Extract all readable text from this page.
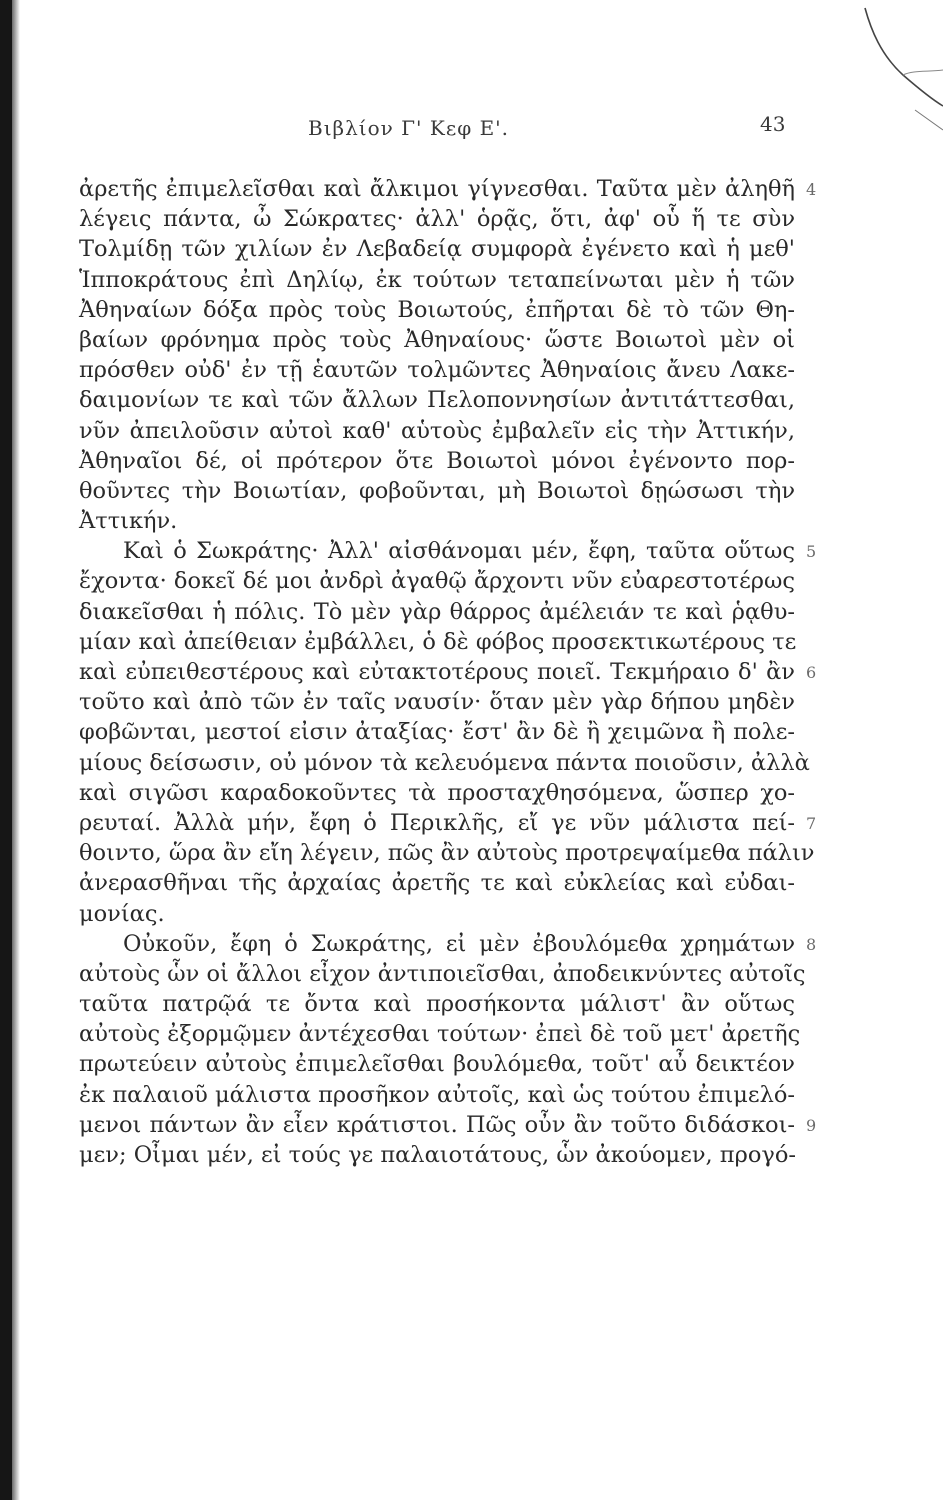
Βιβλίον Γ' Κεφ Ε'.	43
ἀρετῆς ἐπιμελεῖσθαι καὶ ἄλκιμοι γίγνεσθαι. Ταῦτα μὲν ἀληθῆ
λέγεις πάντα, ὦ Σώκρατες· ἀλλ' ὁρᾷς, ὅτι, ἀφ' οὗ ἥ τε σὺν
Τολμίδῃ τῶν χιλίων ἐν Λεβαδείᾳ συμφορὰ ἐγένετο καὶ ἡ μεθ'
Ἱπποκράτους ἐπὶ Δηλίῳ, ἐκ τούτων τεταπείνωται μὲν ἡ τῶν
Ἀθηναίων δόξα πρὸς τοὺς Βοιωτούς, ἐπῆρται δὲ τὸ τῶν Θη-
βαίων φρόνημα πρὸς τοὺς Ἀθηναίους· ὥστε Βοιωτοὶ μὲν οἱ
πρόσθεν οὐδ' ἐν τῇ ἑαυτῶν τολμῶντες Ἀθηναίοις ἄνευ Λακε-
δαιμονίων τε καὶ τῶν ἄλλων Πελοποννησίων ἀντιτάττεσθαι,
νῦν ἀπειλοῦσιν αὐτοὶ καθ' αὑτοὺς ἐμβαλεῖν εἰς τὴν Ἀττικήν,
Ἀθηναῖοι δέ, οἱ πρότερον ὅτε Βοιωτοὶ μόνοι ἐγένοντο πορ-
θοῦντες τὴν Βοιωτίαν, φοβοῦνται, μὴ Βοιωτοὶ δῃώσωσι τὴν
Ἀττικήν.
Καὶ ὁ Σωκράτης· Ἀλλ' αἰσθάνομαι μέν, ἔφη, ταῦτα οὕτως
ἔχοντα· δοκεῖ δέ μοι ἀνδρὶ ἀγαθῷ ἄρχοντι νῦν εὐαρεστοτέρως
διακεῖσθαι ἡ πόλις. Τὸ μὲν γὰρ θάρρος ἀμέλειάν τε καὶ ῥᾳθυ-
μίαν καὶ ἀπείθειαν ἐμβάλλει, ὁ δὲ φόβος προσεκτικωτέρους τε
καὶ εὐπειθεστέρους καὶ εὐτακτοτέρους ποιεῖ. Τεκμήραιο δ' ἂν
τοῦτο καὶ ἀπὸ τῶν ἐν ταῖς ναυσίν· ὅταν μὲν γὰρ δήπου μηδὲν
φοβῶνται, μεστοί εἰσιν ἀταξίας· ἔστ' ἂν δὲ ἢ χειμῶνα ἢ πολε-
μίους δείσωσιν, οὐ μόνον τὰ κελευόμενα πάντα ποιοῦσιν, ἀλλὰ
καὶ σιγῶσι καραδοκοῦντες τὰ προσταχθησόμενα, ὥσπερ χο-
ρευταί. Ἀλλὰ μήν, ἔφη ὁ Περικλῆς, εἴ γε νῦν μάλιστα πεί-
θοιντο, ὥρα ἂν εἴη λέγειν, πῶς ἂν αὐτοὺς προτρεψαίμεθα πάλιν
ἀνερασθῆναι τῆς ἀρχαίας ἀρετῆς τε καὶ εὐκλείας καὶ εὐδαι-
μονίας.
Οὐκοῦν, ἔφη ὁ Σωκράτης, εἰ μὲν ἐβουλόμεθα χρημάτων
αὐτοὺς ὧν οἱ ἄλλοι εἶχον ἀντιποιεῖσθαι, ἀποδεικνύντες αὐτοῖς
ταῦτα πατρῷά τε ὄντα καὶ προσήκοντα μάλιστ' ἂν οὕτως
αὐτοὺς ἐξορμῷμεν ἀντέχεσθαι τούτων· ἐπεὶ δὲ τοῦ μετ' ἀρετῆς
πρωτεύειν αὐτοὺς ἐπιμελεῖσθαι βουλόμεθα, τοῦτ' αὖ δεικτέον
ἐκ παλαιοῦ μάλιστα προσῆκον αὐτοῖς, καὶ ὡς τούτου ἐπιμελό-
μενοι πάντων ἂν εἶεν κράτιστοι. Πῶς οὖν ἂν τοῦτο διδάσκοι-
μεν; Οἶμαι μέν, εἰ τούς γε παλαιοτάτους, ὧν ἀκούομεν, προγό-
4
5
6
7
8
9
